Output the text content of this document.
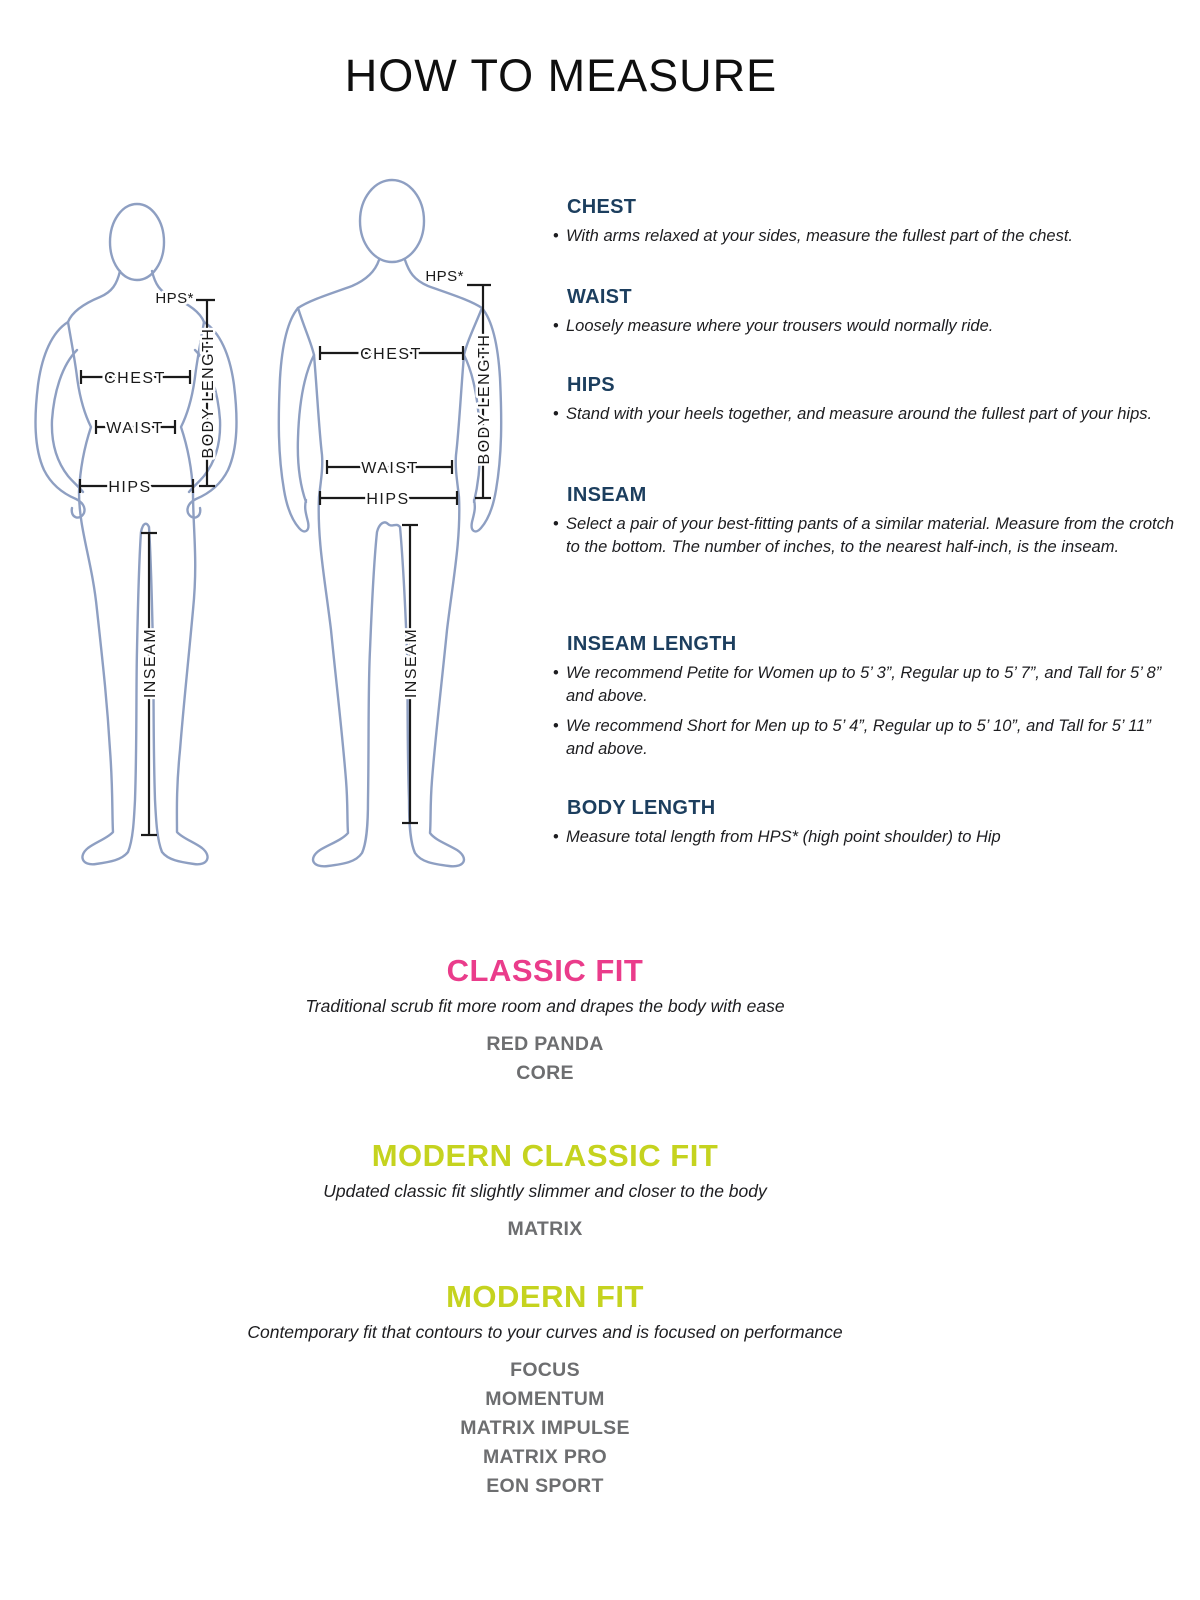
HOW TO MEASURE
HPS*
BODY LENGTH
CHEST
WAIST
HIPS
INSEAM
HPS*
BODY LENGTH
CHEST
WAIST
HIPS
INSEAM
CHEST
• With arms relaxed at your sides, measure the fullest part of the chest.
WAIST
• Loosely measure where your trousers would normally ride.
HIPS
• Stand with your heels together, and measure around the fullest part of your hips.
INSEAM
• Select a pair of your best-fitting pants of a similar material. Measure from the crotch to the bottom. The number of inches, to the nearest half-inch, is the inseam.
INSEAM LENGTH
• We recommend Petite for Women up to 5’ 3”, Regular up to 5’ 7”, and Tall for 5’ 8” and above.
• We recommend Short for Men up to 5’ 4”, Regular up to 5’ 10”, and Tall for 5’ 11” and above.
BODY LENGTH
• Measure total length from HPS* (high point shoulder) to Hip
CLASSIC FIT

Traditional scrub fit more room and drapes the body with ease

RED PANDA
CORE
MODERN CLASSIC FIT

Updated classic fit slightly slimmer and closer to the body

MATRIX
MODERN FIT

Contemporary fit that contours to your curves and is focused on performance

FOCUS
MOMENTUM
MATRIX IMPULSE
MATRIX PRO
EON SPORT
